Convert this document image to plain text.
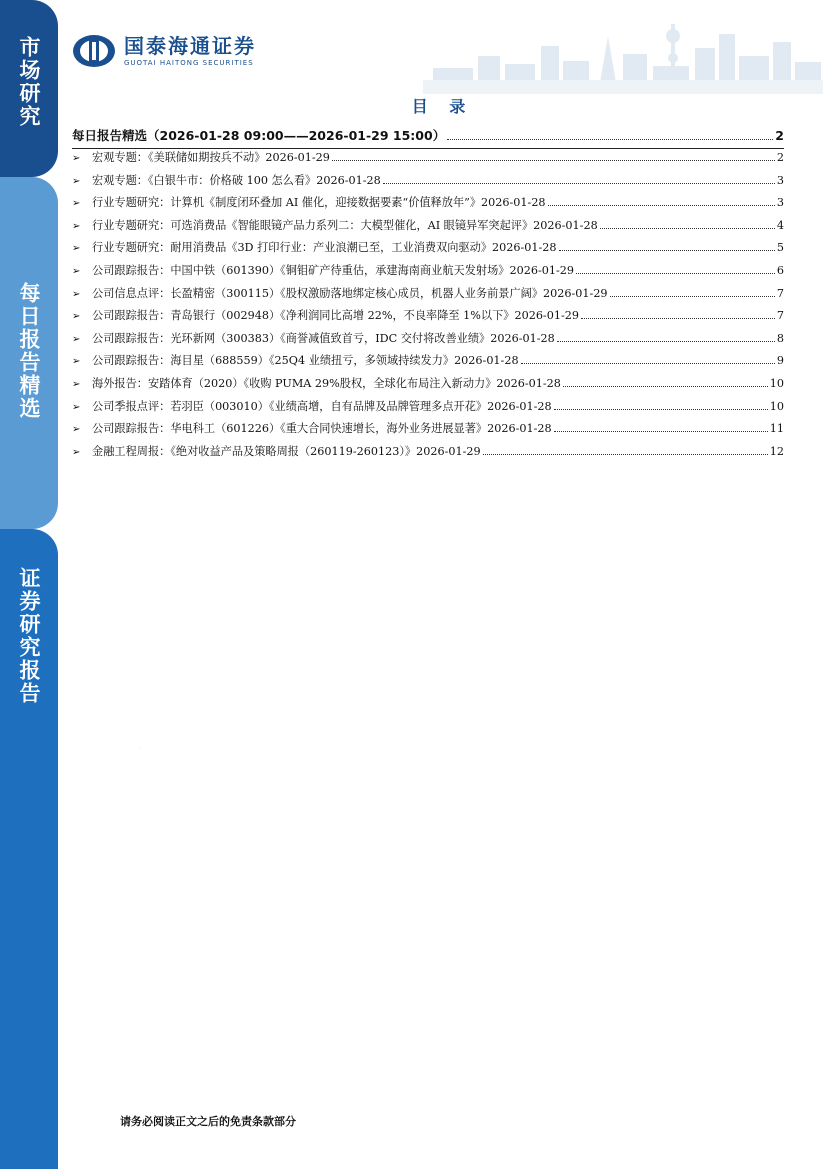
市场研究
每日报告精选
证券研究报告
国泰海通证券
GUOTAI HAITONG SECURITIES
目 录
每日报告精选（2026-01-28 09:00——2026-01-29 15:00）	2
➢	宏观专题：《美联储如期按兵不动》2026-01-29	2
➢	宏观专题：《白银牛市：价格破 100 怎么看》2026-01-28	3
➢	行业专题研究：计算机《制度闭环叠加 AI 催化，迎接数据要素“价值释放年”》2026-01-28	3
➢	行业专题研究：可选消费品《智能眼镜产品力系列二：大模型催化，AI 眼镜异军突起评》2026-01-28	4
➢	行业专题研究：耐用消费品《3D 打印行业：产业浪潮已至，工业消费双向驱动》2026-01-28	5
➢	公司跟踪报告：中国中铁（601390）《铜钼矿产待重估，承建海南商业航天发射场》2026-01-29	6
➢	公司信息点评：长盈精密（300115）《股权激励落地绑定核心成员，机器人业务前景广阔》2026-01-29	7
➢	公司跟踪报告：青岛银行（002948）《净利润同比高增 22%，不良率降至 1%以下》2026-01-29	7
➢	公司跟踪报告：光环新网（300383）《商誉减值致首亏，IDC 交付将改善业绩》2026-01-28	8
➢	公司跟踪报告：海目星（688559）《25Q4 业绩扭亏，多领域持续发力》2026-01-28	9
➢	海外报告：安踏体育（2020）《收购 PUMA 29%股权，全球化布局注入新动力》2026-01-28	10
➢	公司季报点评：若羽臣（003010）《业绩高增，自有品牌及品牌管理多点开花》2026-01-28	10
➢	公司跟踪报告：华电科工（601226）《重大合同快速增长，海外业务进展显著》2026-01-28	11
➢	金融工程周报：《绝对收益产品及策略周报（260119-260123）》2026-01-29	12
·
请务必阅读正文之后的免责条款部分
